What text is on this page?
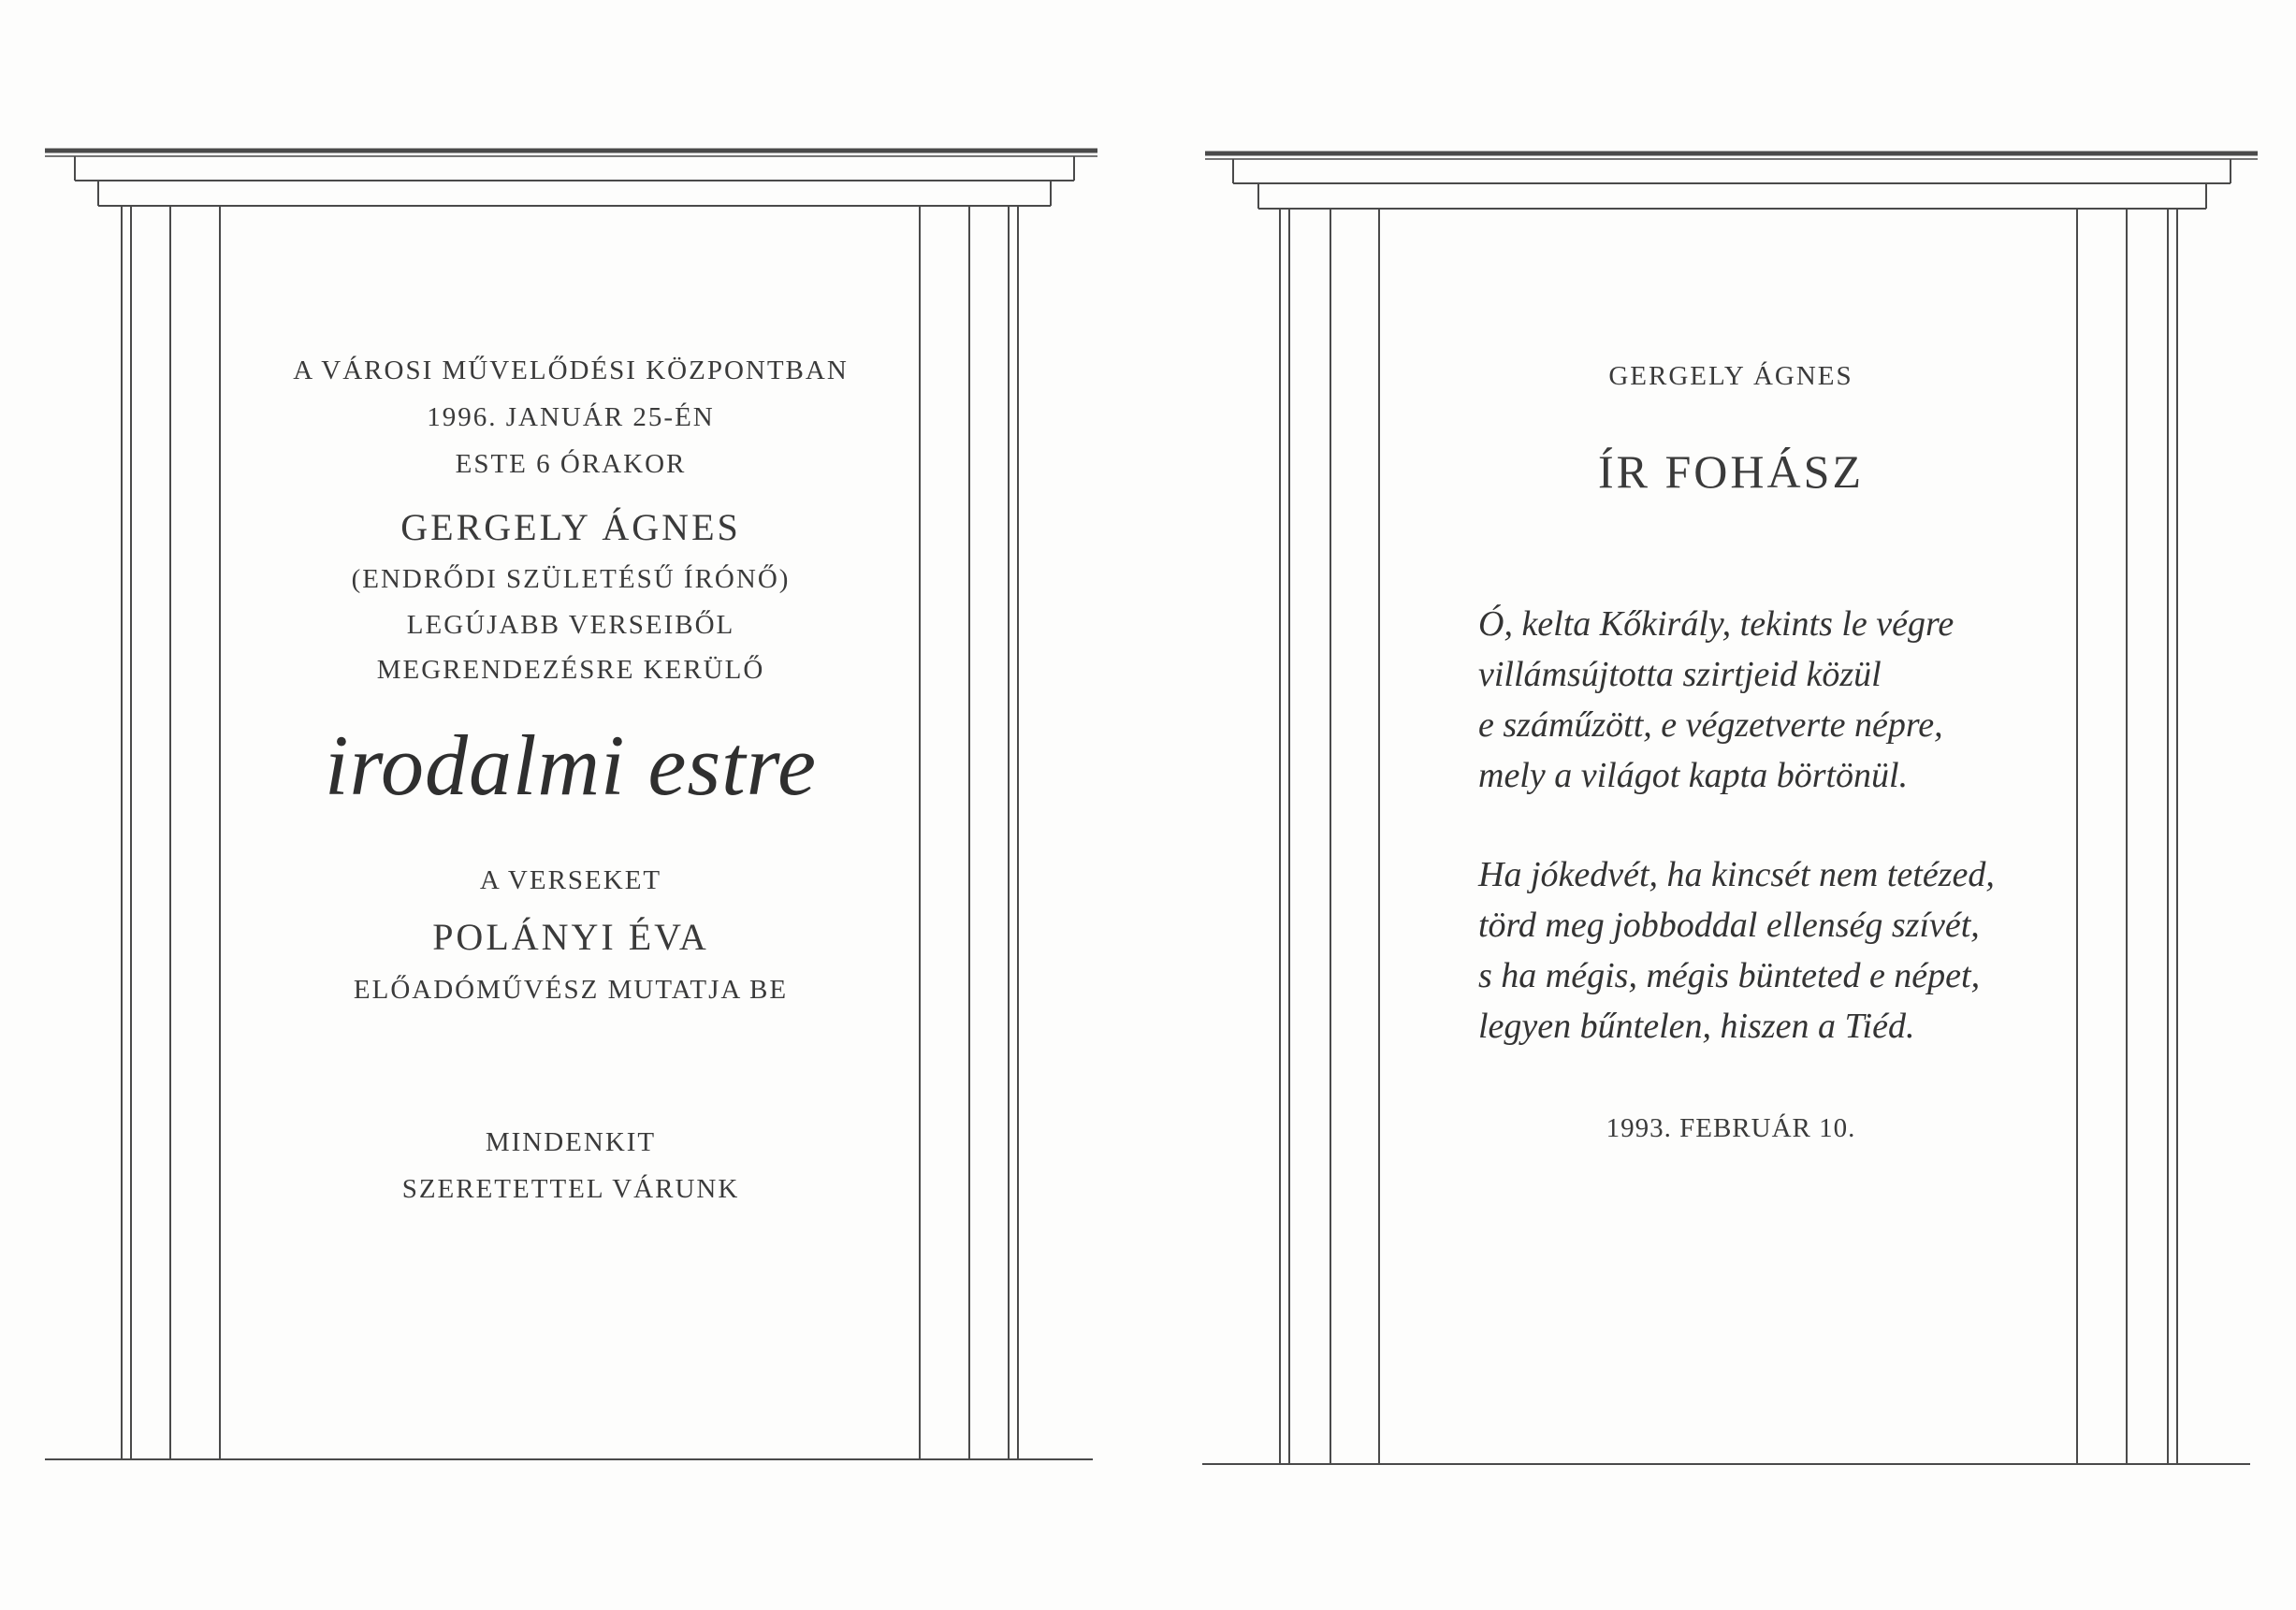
A VÁROSI MŰVELŐDÉSI KÖZPONTBAN
1996. JANUÁR 25-ÉN
ESTE 6 ÓRAKOR
GERGELY ÁGNES
(ENDRŐDI SZÜLETÉSŰ ÍRÓNŐ)
LEGÚJABB VERSEIBŐL
MEGRENDEZÉSRE KERÜLŐ
irodalmi estre
A VERSEKET
POLÁNYI ÉVA
ELŐADÓMŰVÉSZ MUTATJA BE
MINDENKIT
SZERETETTEL VÁRUNK
GERGELY ÁGNES
ÍR FOHÁSZ
Ó, kelta Kőkirály, tekints le végre
villámsújtotta szirtjeid közül
e száműzött, e végzetverte népre,
mely a világot kapta börtönül.
Ha jókedvét, ha kincsét nem tetézed,
törd meg jobboddal ellenség szívét,
s ha mégis, mégis bünteted e népet,
legyen bűntelen, hiszen a Tiéd.
1993. FEBRUÁR 10.
